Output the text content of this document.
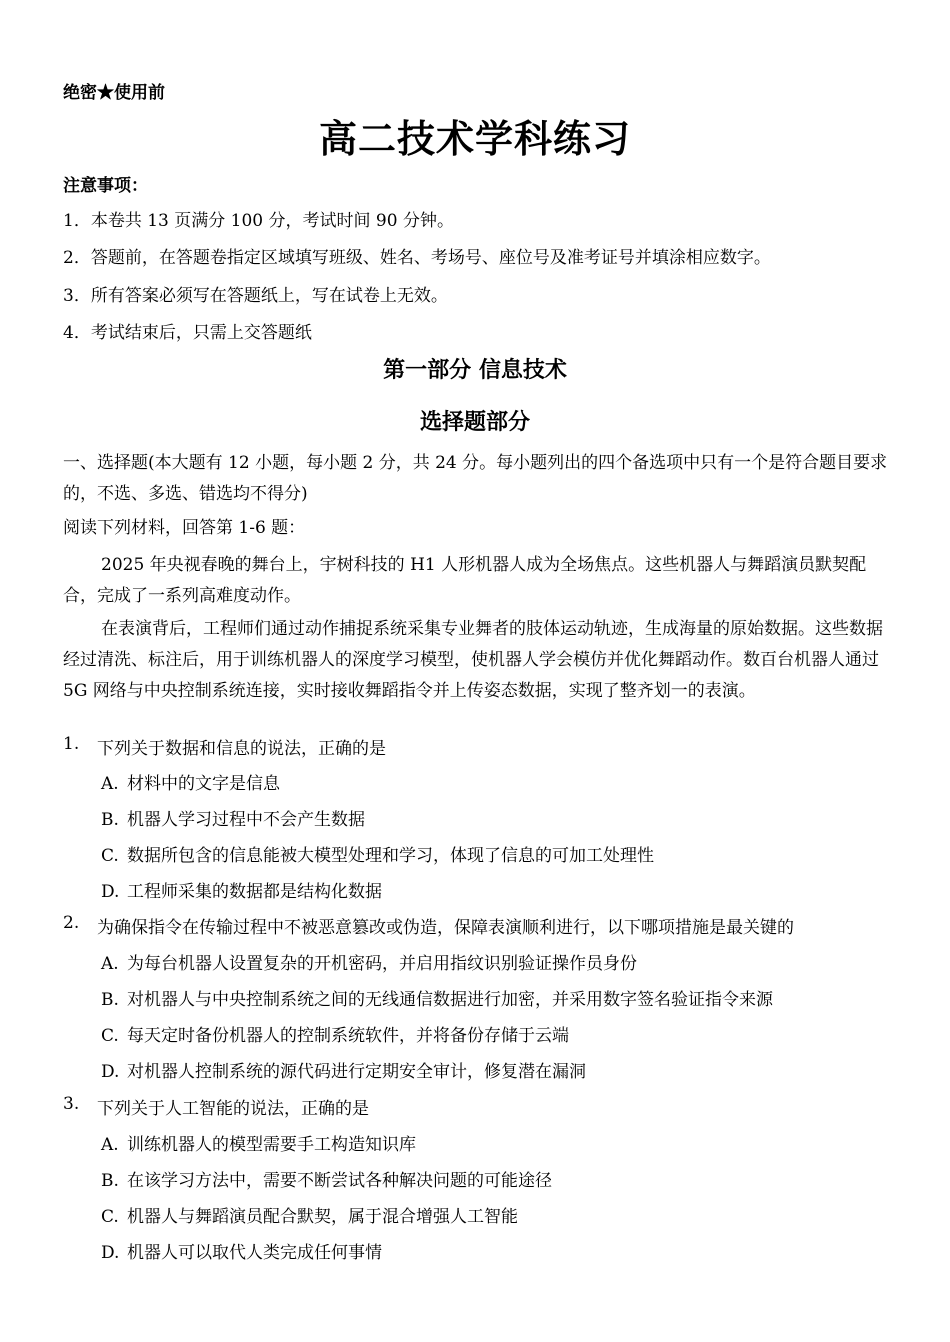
绝密★使用前
高二技术学科练习
注意事项：
1．本卷共 13 页满分 100 分，考试时间 90 分钟。
2．答题前，在答题卷指定区域填写班级、姓名、考场号、座位号及准考证号并填涂相应数字。
3．所有答案必须写在答题纸上，写在试卷上无效。
4．考试结束后，只需上交答题纸
第一部分 信息技术
选择题部分
一、选择题(本大题有 12 小题，每小题 2 分，共 24 分。每小题列出的四个备选项中只有一个是符合题目要求的，不选、多选、错选均不得分)
阅读下列材料，回答第 1-6 题：
2025 年央视春晚的舞台上，宇树科技的 H1 人形机器人成为全场焦点。这些机器人与舞蹈演员默契配合，完成了一系列高难度动作。
在表演背后，工程师们通过动作捕捉系统采集专业舞者的肢体运动轨迹，生成海量的原始数据。这些数据经过清洗、标注后，用于训练机器人的深度学习模型，使机器人学会模仿并优化舞蹈动作。数百台机器人通过 5G 网络与中央控制系统连接，实时接收舞蹈指令并上传姿态数据，实现了整齐划一的表演。
1. 下列关于数据和信息的说法，正确的是
A. 材料中的文字是信息
B. 机器人学习过程中不会产生数据
C. 数据所包含的信息能被大模型处理和学习，体现了信息的可加工处理性
D. 工程师采集的数据都是结构化数据
2. 为确保指令在传输过程中不被恶意篡改或伪造，保障表演顺利进行，以下哪项措施是最关键的
A. 为每台机器人设置复杂的开机密码，并启用指纹识别验证操作员身份
B. 对机器人与中央控制系统之间的无线通信数据进行加密，并采用数字签名验证指令来源
C. 每天定时备份机器人的控制系统软件，并将备份存储于云端
D. 对机器人控制系统的源代码进行定期安全审计，修复潜在漏洞
3. 下列关于人工智能的说法，正确的是
A. 训练机器人的模型需要手工构造知识库
B. 在该学习方法中，需要不断尝试各种解决问题的可能途径
C. 机器人与舞蹈演员配合默契，属于混合增强人工智能
D. 机器人可以取代人类完成任何事情
